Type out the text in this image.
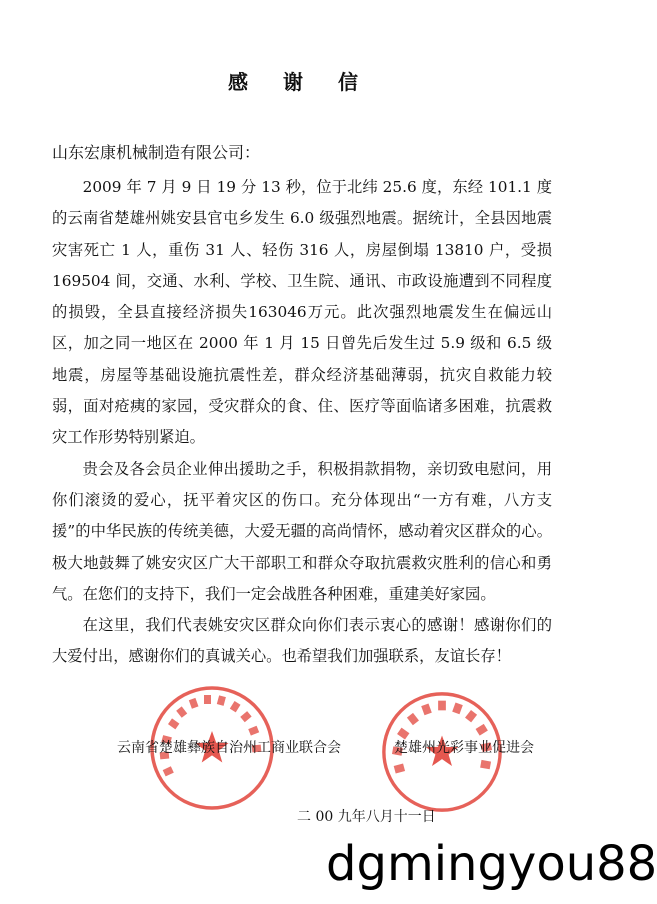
感 谢 信
山东宏康机械制造有限公司：

2009 年 7 月 9 日 19 分 13 秒，位于北纬 25.6 度，东经 101.1 度的云南省楚雄州姚安县官屯乡发生 6.0 级强烈地震。据统计，全县因地震灾害死亡 1 人，重伤 31 人、轻伤 316 人，房屋倒塌 13810 户，受损 169504 间，交通、水利、学校、卫生院、通讯、市政设施遭到不同程度的损毁，全县直接经济损失163046万元。此次强烈地震发生在偏远山区，加之同一地区在 2000 年 1 月 15 日曾先后发生过 5.9 级和 6.5 级地震，房屋等基础设施抗震性差，群众经济基础薄弱，抗灾自救能力较弱，面对疮痍的家园，受灾群众的食、住、医疗等面临诸多困难，抗震救灾工作形势特别紧迫。

贵会及各会员企业伸出援助之手，积极捐款捐物，亲切致电慰问，用你们滚烫的爱心，抚平着灾区的伤口。充分体现出“一方有难，八方支援”的中华民族的传统美德，大爱无疆的高尚情怀，感动着灾区群众的心。极大地鼓舞了姚安灾区广大干部职工和群众夺取抗震救灾胜利的信心和勇气。在您们的支持下，我们一定会战胜各种困难，重建美好家园。

在这里，我们代表姚安灾区群众向你们表示衷心的感谢！感谢你们的大爱付出，感谢你们的真诚关心。也希望我们加强联系，友谊长存！

云南省楚雄彝族自治州工商业联合会	楚雄州光彩事业促进会
二 00 九年八月十一日
dgmingyou88
